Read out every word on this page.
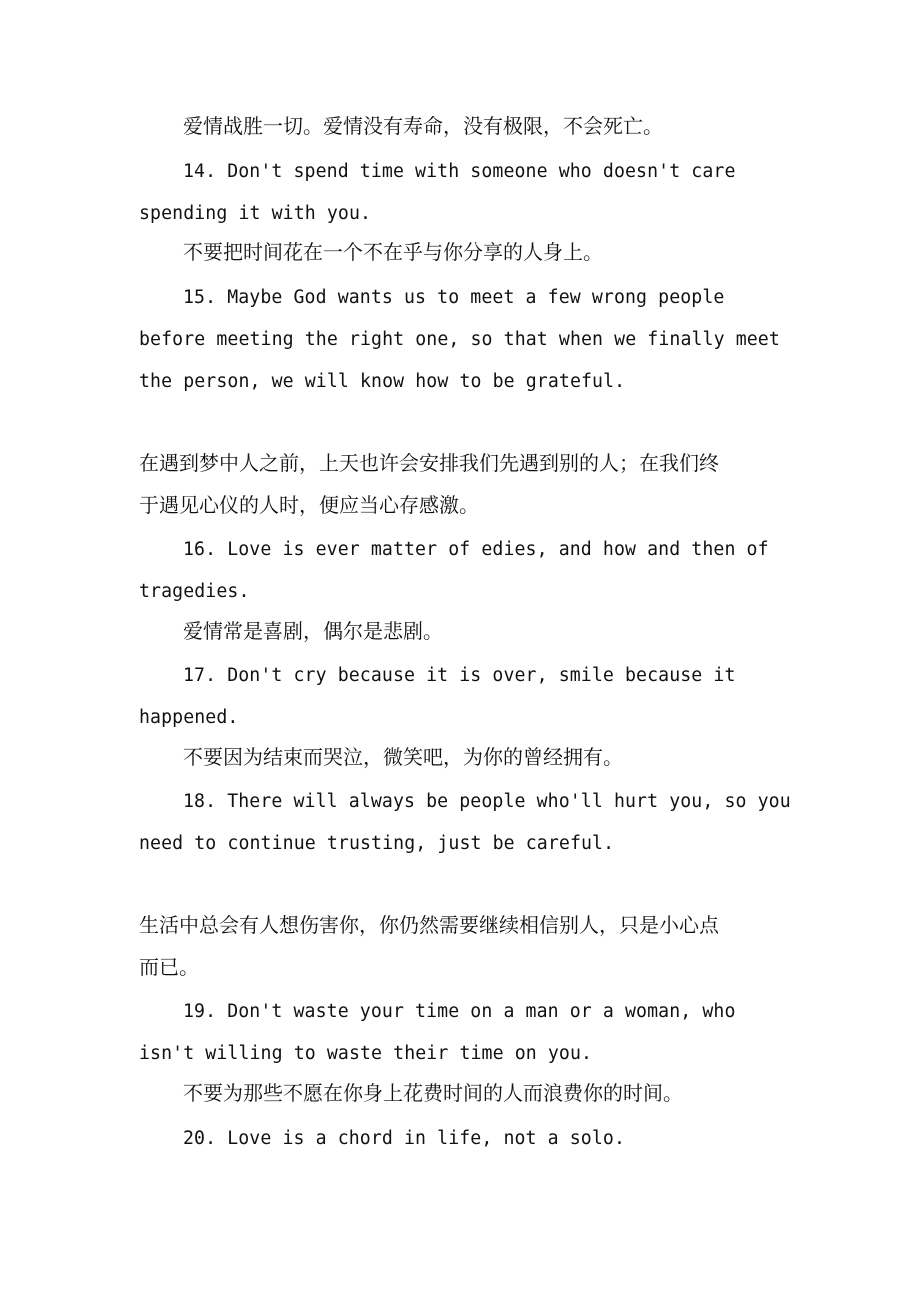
爱情战胜一切。爱情没有寿命，没有极限，不会死亡。
14. Don't spend time with someone who doesn't care
spending it with you.
不要把时间花在一个不在乎与你分享的人身上。
15. Maybe God wants us to meet a few wrong people
before meeting the right one, so that when we finally meet
the person, we will know how to be grateful.
在遇到梦中人之前，上天也许会安排我们先遇到别的人；在我们终
于遇见心仪的人时，便应当心存感激。
16. Love is ever matter of edies, and how and then of
tragedies.
爱情常是喜剧，偶尔是悲剧。
17. Don't cry because it is over, smile because it
happened.
不要因为结束而哭泣，微笑吧，为你的曾经拥有。
18. There will always be people who'll hurt you, so you
need to continue trusting, just be careful.
生活中总会有人想伤害你，你仍然需要继续相信别人，只是小心点
而已。
19. Don't waste your time on a man or a woman, who
isn't willing to waste their time on you.
不要为那些不愿在你身上花费时间的人而浪费你的时间。
20. Love is a chord in life, not a solo.
